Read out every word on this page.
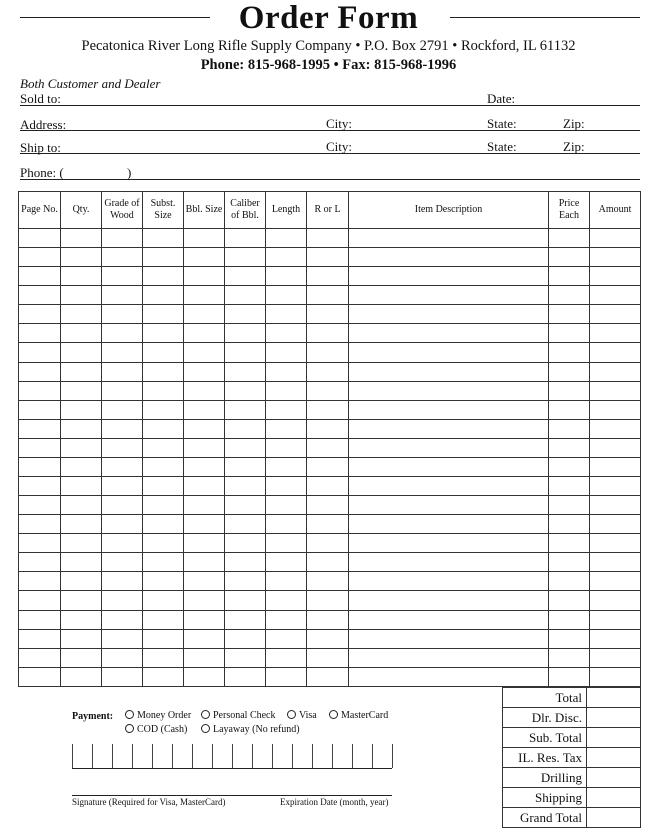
Order Form
Pecatonica River Long Rifle Supply Company • P.O. Box 2791 • Rockford, IL 61132
Phone: 815-968-1995 • Fax: 815-968-1996
Both Customer and Dealer
Sold to:	Date:
Address:	City:	State:	Zip:
Ship to:	City:	State:	Zip:
Phone: (	)
Page No.	Qty.	Grade of Wood	Subst. Size	Bbl. Size	Caliber of Bbl.	Length	R or L	Item Description	Price Each	Amount

Total	
Dlr. Disc.	
Sub. Total	
IL. Res. Tax	
Drilling	
Shipping	
Grand Total	
Payment:	Money Order	Personal Check	Visa	MasterCard
COD (Cash)	Layaway (No refund)
Signature (Required for Visa, MasterCard)	Expiration Date (month, year)
